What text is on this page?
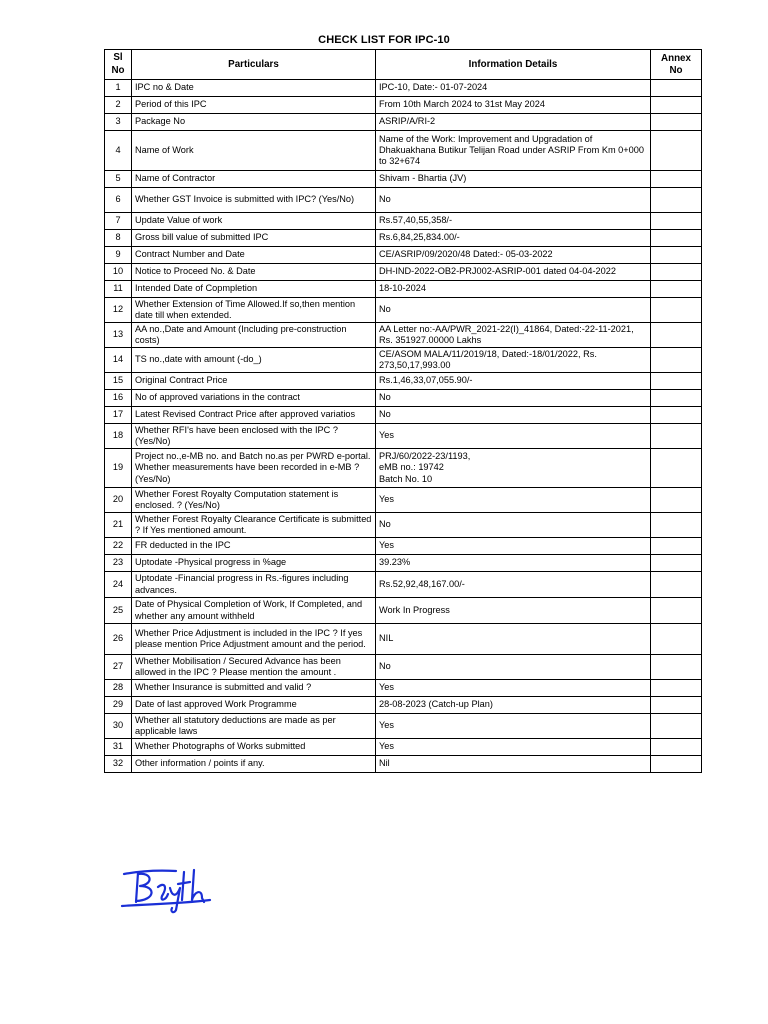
CHECK LIST FOR IPC-10
Sl No	Particulars	Information Details	Annex No
1	IPC no & Date	IPC-10, Date:- 01-07-2024	
2	Period of this IPC	From 10th March 2024 to 31st May 2024	
3	Package No	ASRIP/A/RI-2	
4	Name of Work	Name of the Work: Improvement and Upgradation of Dhakuakhana Butikur Telijan Road under ASRIP From Km 0+000 to 32+674	
5	Name of Contractor	Shivam - Bhartia (JV)	
6	Whether GST Invoice is submitted with IPC? (Yes/No)	No	
7	Update Value of work	Rs.57,40,55,358/-	
8	Gross bill value of submitted IPC	Rs.6,84,25,834.00/-	
9	Contract Number and Date	CE/ASRIP/09/2020/48 Dated:- 05-03-2022	
10	Notice to Proceed No. & Date	DH-IND-2022-OB2-PRJ002-ASRIP-001 dated 04-04-2022	
11	Intended Date of Copmpletion	18-10-2024	
12	Whether Extension of Time Allowed.If so,then mention date till when extended.	No	
13	AA no.,Date and Amount (Including pre-construction costs)	AA Letter no:-AA/PWR_2021-22(I)_41864, Dated:-22-11-2021, Rs. 351927.00000 Lakhs	
14	TS no.,date with amount (-do_)	CE/ASOM MALA/11/2019/18, Dated:-18/01/2022, Rs. 273,50,17,993.00	
15	Original Contract Price	Rs.1,46,33,07,055.90/-	
16	No of approved variations in the contract	No	
17	Latest Revised Contract Price after approved variatios	No	
18	Whether RFI's have been enclosed with the IPC ? (Yes/No)	Yes	
19	Project no.,e-MB no. and Batch no.as per PWRD e-portal. Whether measurements have been recorded in e-MB ? (Yes/No)	PRJ/60/2022-23/1193,
eMB no.: 19742
Batch No. 10	
20	Whether Forest Royalty Computation statement is enclosed. ? (Yes/No)	Yes	
21	Whether Forest Royalty Clearance Certificate is submitted ? If Yes mentioned amount.	No	
22	FR deducted in the IPC	Yes	
23	Uptodate -Physical progress in %age	39.23%	
24	Uptodate -Financial progress in Rs.-figures including advances.	Rs.52,92,48,167.00/-	
25	Date of Physical Completion of Work, If Completed, and whether any amount withheld	Work In Progress	
26	Whether Price Adjustment is included in the IPC ? If yes please mention Price Adjustment amount and the period.	NIL	
27	Whether Mobilisation / Secured Advance has been allowed in the IPC ? Please mention the amount .	No	
28	Whether Insurance is submitted and valid ?	Yes	
29	Date of last approved Work Programme	28-08-2023 (Catch-up Plan)	
30	Whether all statutory deductions are made as per applicable laws	Yes	
31	Whether Photographs of Works submitted	Yes	
32	Other information / points if any.	Nil	
